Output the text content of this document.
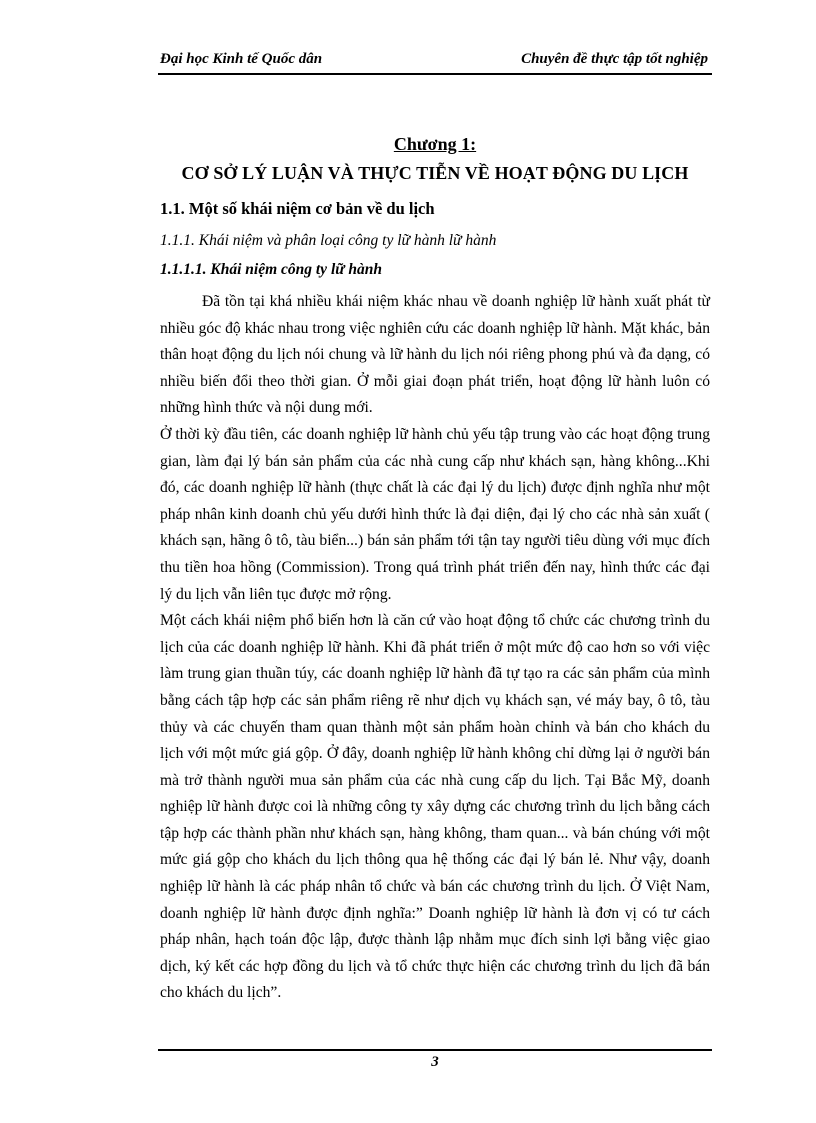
Đại học Kinh tế Quốc dân	Chuyên đề thực tập tốt nghiệp
Chương 1:
CƠ SỞ LÝ LUẬN VÀ THỰC TIỄN VỀ HOẠT ĐỘNG DU LỊCH
1.1. Một số khái niệm cơ bản về du lịch
1.1.1. Khái niệm và phân loại công ty lữ hành lữ hành
1.1.1.1. Khái niệm công ty lữ hành

Đã tồn tại khá nhiều khái niệm khác nhau về doanh nghiệp lữ hành xuất phát từ nhiều góc độ khác nhau trong việc nghiên cứu các doanh nghiệp lữ hành. Mặt khác, bản thân hoạt động du lịch nói chung và lữ hành du lịch nói riêng phong phú và đa dạng, có nhiều biến đổi theo thời gian. Ở mỗi giai đoạn phát triển, hoạt động lữ hành luôn có những hình thức và nội dung mới.

Ở thời kỳ đầu tiên, các doanh nghiệp lữ hành chủ yếu tập trung vào các hoạt động trung gian, làm đại lý bán sản phẩm của các nhà cung cấp như khách sạn, hàng không...Khi đó, các doanh nghiệp lữ hành (thực chất là các đại lý du lịch) được định nghĩa như một pháp nhân kinh doanh chủ yếu dưới hình thức là đại diện, đại lý cho các nhà sản xuất ( khách sạn, hãng ô tô, tàu biển...) bán sản phẩm tới tận tay người tiêu dùng với mục đích thu tiền hoa hồng (Commission). Trong quá trình phát triển đến nay, hình thức các đại lý du lịch vẫn liên tục được mở rộng.

Một cách khái niệm phổ biến hơn là căn cứ vào hoạt động tổ chức các chương trình du lịch của các doanh nghiệp lữ hành. Khi đã phát triển ở một mức độ cao hơn so với việc làm trung gian thuần túy, các doanh nghiệp lữ hành đã tự tạo ra các sản phẩm của mình bằng cách tập hợp các sản phẩm riêng rẽ như dịch vụ khách sạn, vé máy bay, ô tô, tàu thủy và các chuyến tham quan thành một sản phẩm hoàn chỉnh và bán cho khách du lịch với một mức giá gộp. Ở đây, doanh nghiệp lữ hành không chỉ dừng lại ở người bán mà trở thành người mua sản phẩm của các nhà cung cấp du lịch. Tại Bắc Mỹ, doanh nghiệp lữ hành được coi là những công ty xây dựng các chương trình du lịch bằng cách tập hợp các thành phần như khách sạn, hàng không, tham quan... và bán chúng với một mức giá gộp cho khách du lịch thông qua hệ thống các đại lý bán lẻ. Như vậy, doanh nghiệp lữ hành là các pháp nhân tổ chức và bán các chương trình du lịch. Ở Việt Nam, doanh nghiệp lữ hành được định nghĩa:” Doanh nghiệp lữ hành là đơn vị có tư cách pháp nhân, hạch toán độc lập, được thành lập nhằm mục đích sinh lợi bằng việc giao dịch, ký kết các hợp đồng du lịch và tổ chức thực hiện các chương trình du lịch đã bán cho khách du lịch”.

3
